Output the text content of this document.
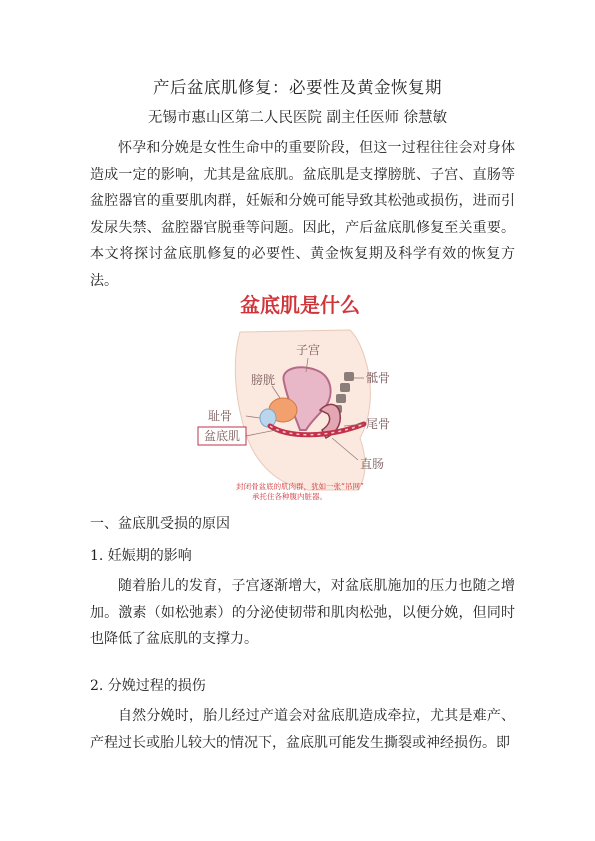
产后盆底肌修复：必要性及黄金恢复期
无锡市惠山区第二人民医院 副主任医师 徐慧敏

怀孕和分娩是女性生命中的重要阶段，但这一过程往往会对身体造成一定的影响，尤其是盆底肌。盆底肌是支撑膀胱、子宫、直肠等盆腔器官的重要肌肉群，妊娠和分娩可能导致其松弛或损伤，进而引发尿失禁、盆腔器官脱垂等问题。因此，产后盆底肌修复至关重要。本文将探讨盆底肌修复的必要性、黄金恢复期及科学有效的恢复方法。

盆底肌是什么
子宫
膀胱	骶骨
耻骨
尾骨
直肠
盆底肌
封闭骨盆底的肌肉群，犹如一张“吊网”
承托住各种腹内脏器。
一、盆底肌受损的原因
1. 妊娠期的影响

随着胎儿的发育，子宫逐渐增大，对盆底肌施加的压力也随之增加。激素（如松弛素）的分泌使韧带和肌肉松弛，以便分娩，但同时也降低了盆底肌的支撑力。

2. 分娩过程的损伤

自然分娩时，胎儿经过产道会对盆底肌造成牵拉，尤其是难产、产程过长或胎儿较大的情况下，盆底肌可能发生撕裂或神经损伤。即
